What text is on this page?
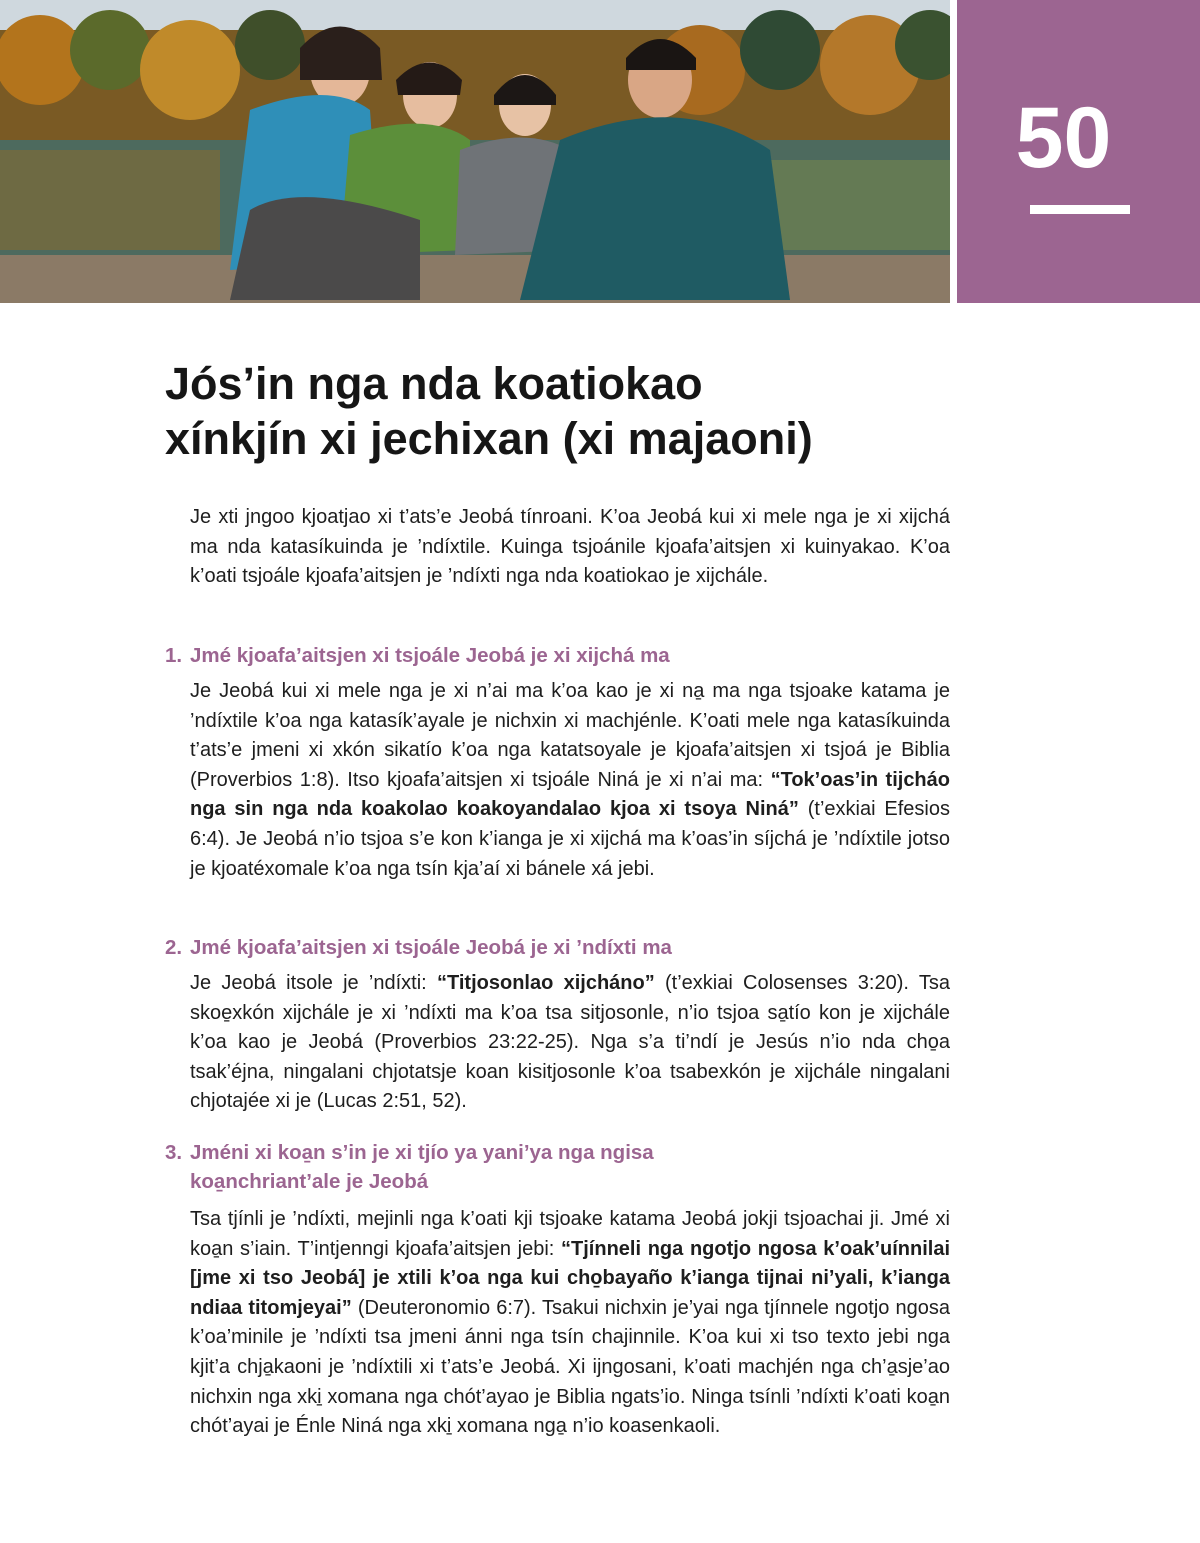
50
Jós’in nga nda koatiokao
xínkjín xi jechixan (xi majaoni)

Je xti jngoo kjoatjao xi t’ats’e Jeobá tínroani. K’oa Jeobá kui xi mele nga je xi xijchá ma nda katasíkuinda je ’ndíxtile. Kuinga tsjoánile kjoafa’aitsjen xi kuinyakao. K’oa k’oati tsjoále kjoafa’aitsjen je ’ndíxti nga nda koatiokao je xijchále.

1. Jmé kjoafa’aitsjen xi tsjoále Jeobá je xi xijchá ma

Je Jeobá kui xi mele nga je xi n’ai ma k’oa kao je xi na̱ ma nga tsjoake katama je ’ndíxtile k’oa nga katasík’ayale je nichxin xi machjénle. K’oati mele nga katasíkuinda t’ats’e jmeni xi xkón sikatío k’oa nga katatsoyale je kjoafa’aitsjen xi tsjoá je Biblia (Proverbios 1:8). Itso kjoafa’aitsjen xi tsjoále Niná je xi n’ai ma: “Tok’oas’in tijcháo nga sin nga nda koakolao koakoyandalao kjoa xi tsoya Niná” (t’exkiai Efesios 6:4). Je Jeobá n’io tsjoa s’e kon k’ianga je xi xijchá ma k’oas’in síjchá je ’ndíxtile jotso je kjoatéxomale k’oa nga tsín kja’aí xi bánele xá jebi.

2. Jmé kjoafa’aitsjen xi tsjoále Jeobá je xi ’ndíxti ma

Je Jeobá itsole je ’ndíxti: “Titjosonlao xijcháno” (t’exkiai Colosenses 3:20). Tsa skoe̱xkón xijchále je xi ’ndíxti ma k’oa tsa sitjosonle, n’io tsjoa sa̱tío kon je xijchále k’oa kao je Jeobá (Proverbios 23:22-25). Nga s’a ti’ndí je Jesús n’io nda cho̱a tsak’éjna, ningalani chjotatsje koan kisitjosonle k’oa tsabexkón je xijchále ningalani chjotajée xi je (Lucas 2:51, 52).

3. Jméni xi koa̱n s’in je xi tjío ya yani’ya nga ngisa
koa̱nchriant’ale je Jeobá

Tsa tjínli je ’ndíxti, mejinli nga k’oati kji tsjoake katama Jeobá jokji tsjoachai ji. Jmé xi koa̱n s’iain. T’intjenngi kjoafa’aitsjen jebi: “Tjínneli nga ngotjo ngosa k’oak’uínnilai [jme xi tso Jeobá] je xtili k’oa nga kui cho̱bayaño k’ianga tijnai ni’yali, k’ianga ndiaa titomjeyai” (Deuteronomio 6:7). Tsakui nichxin je’yai nga tjínnele ngotjo ngosa k’oa’minile je ’ndíxti tsa jmeni ánni nga tsín chajinnile. K’oa kui xi tso texto jebi nga kjit’a chja̱kaoni je ’ndíxtili xi t’ats’e Jeobá. Xi ijngosani, k’oati machjén nga ch’a̱sje’ao nichxin nga xki̱ xomana nga chót’ayao je Biblia ngats’io. Ninga tsínli ’ndíxti k’oati koa̱n chót’ayai je Énle Niná nga xki̱ xomana nga̱ n’io koasenkaoli.
